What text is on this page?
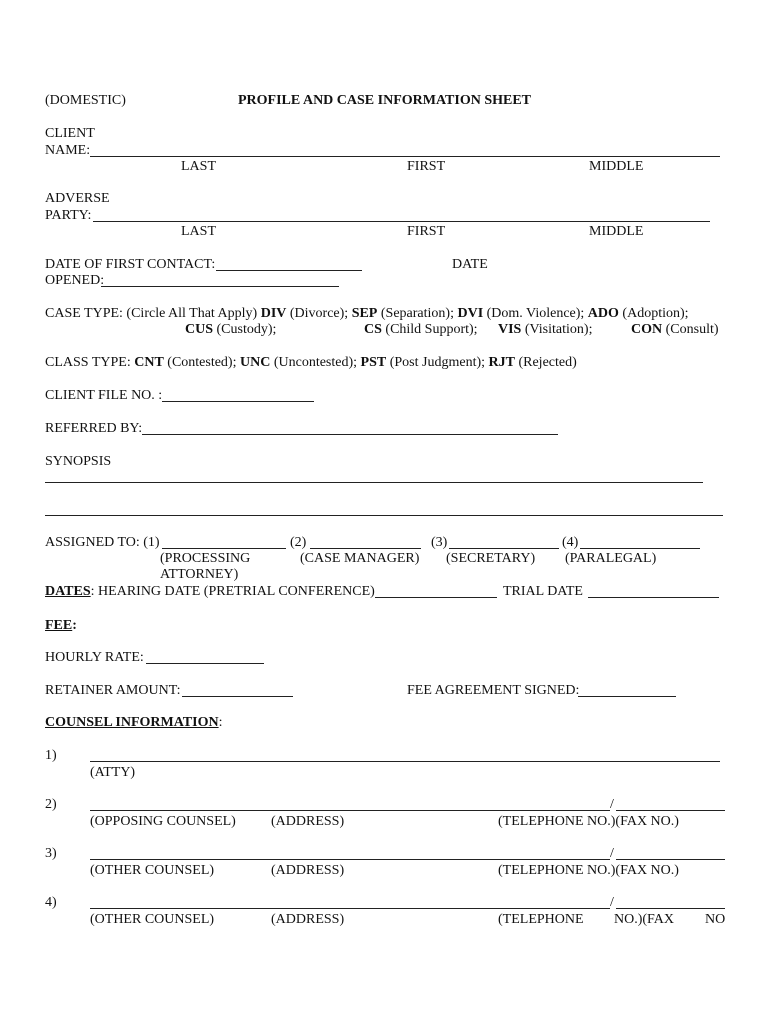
(DOMESTIC)	PROFILE AND CASE INFORMATION SHEET
CLIENT
NAME:
LAST	FIRST	MIDDLE
ADVERSE
PARTY:
LAST	FIRST	MIDDLE
DATE OF FIRST CONTACT:	DATE
OPENED:
CASE TYPE: (Circle All That Apply) DIV (Divorce); SEP (Separation); DVI (Dom. Violence); ADO (Adoption);
CUS (Custody);	CS (Child Support); VIS (Visitation);	CON (Consult)
CLASS TYPE: CNT (Contested); UNC (Uncontested); PST (Post Judgment); RJT (Rejected)
CLIENT FILE NO. :
REFERRED BY:
SYNOPSIS
ASSIGNED TO: (1)	(2)	(3)	(4)
(PROCESSING
ATTORNEY)
(CASE MANAGER) (SECRETARY) (PARALEGAL)
DATES: HEARING DATE (PRETRIAL CONFERENCE)	TRIAL DATE
FEE:
HOURLY RATE:
RETAINER AMOUNT:	FEE AGREEMENT SIGNED:
COUNSEL INFORMATION:
1)
(ATTY)
2)	/
(OPPOSING COUNSEL)	(ADDRESS)	(TELEPHONE NO.)(FAX NO.)
3)	/
(OTHER COUNSEL)	(ADDRESS)	(TELEPHONE NO.)(FAX NO.)
4)	/
(OTHER COUNSEL)	(ADDRESS)	(TELEPHONE NO.)(FAX NO
